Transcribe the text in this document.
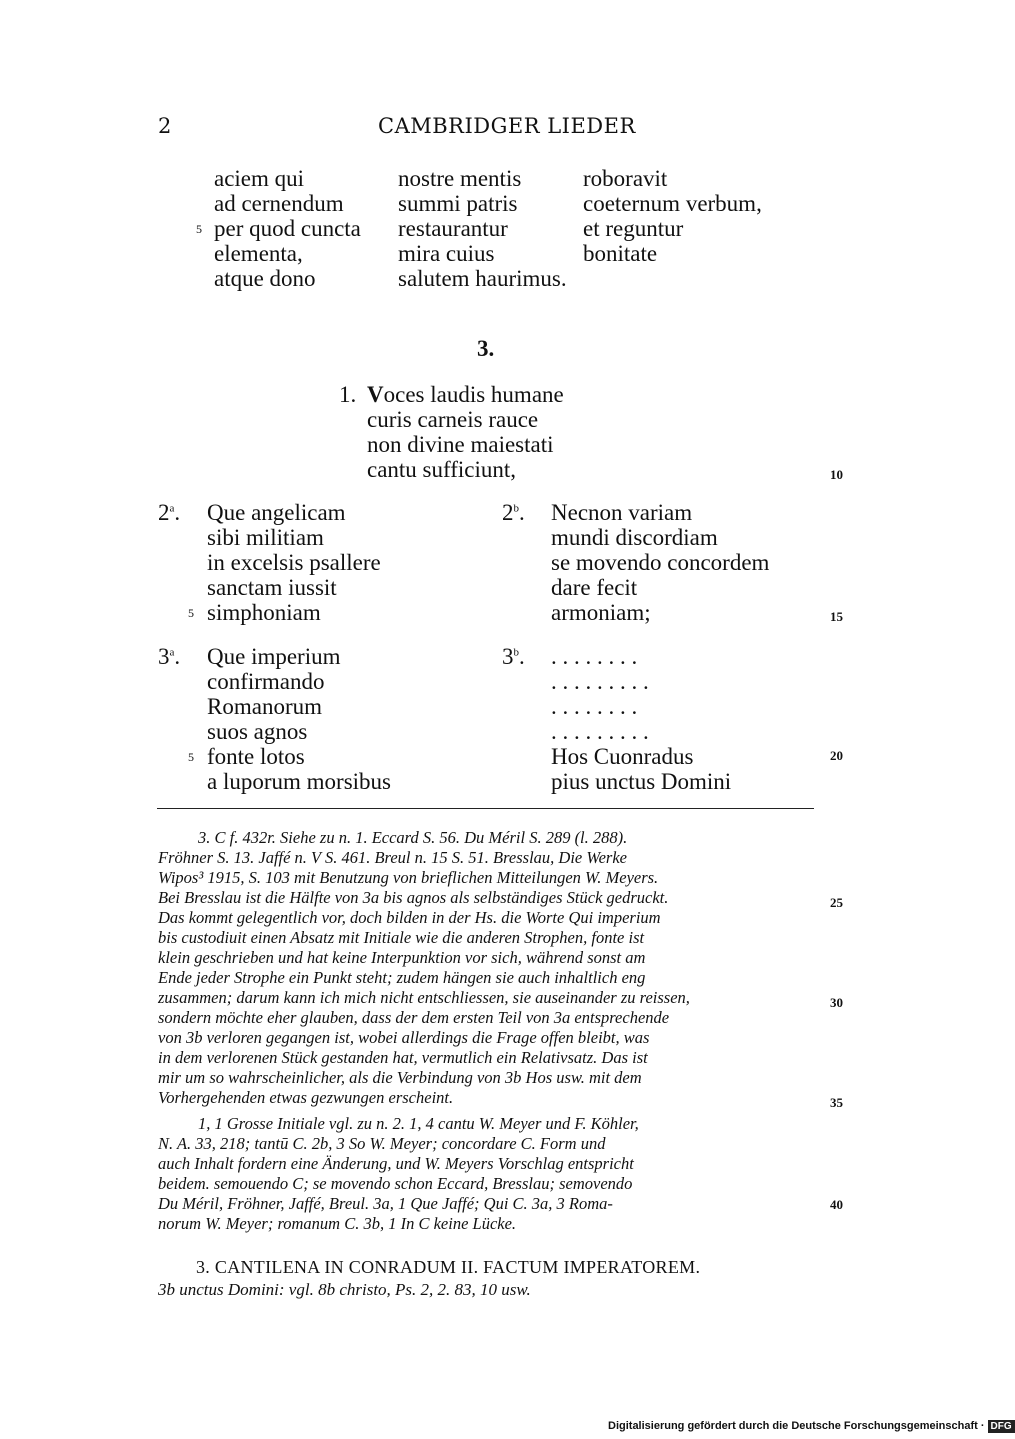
2	CAMBRIDGER LIEDER
aciem qui
ad cernendum
per quod cuncta
elementa,
atque dono
nostre mentis
summi patris
restaurantur
mira cuius
salutem haurimus.
roboravit
coeternum verbum,
et reguntur
bonitate
5
3.
1. Voces laudis humane
curis carneis rauce
non divine maiestati
cantu sufficiunt,
2$^a$. Que angelicam
sibi militiam
in excelsis psallere
sanctam iussit
simphoniam
5
2$^b$. Necnon variam
mundi discordiam
se movendo concordem
dare fecit
armoniam;
3$^a$. Que imperium
confirmando
Romanorum
suos agnos
fonte lotos
a luporum morsibus
5
3$^b$. . . . . . . . .
. . . . . . . . .
. . . . . . . .
. . . . . . . . .
Hos Cuonradus
pius unctus Domini
10
15
20
25
30
35
40
3. C f. 432r. Siehe zu n. 1. Eccard S. 56. Du Méril S. 289 (l. 288).
Fröhner S. 13. Jaffé n. V S. 461. Breul n. 15 S. 51. Bresslau, Die Werke
Wipos³ 1915, S. 103 mit Benutzung von brieflichen Mitteilungen W. Meyers.
Bei Bresslau ist die Hälfte von 3a bis agnos als selbständiges Stück gedruckt.
Das kommt gelegentlich vor, doch bilden in der Hs. die Worte Qui imperium
bis custodiuit einen Absatz mit Initiale wie die anderen Strophen, fonte ist
klein geschrieben und hat keine Interpunktion vor sich, während sonst am
Ende jeder Strophe ein Punkt steht; zudem hängen sie auch inhaltlich eng
zusammen; darum kann ich mich nicht entschliessen, sie auseinander zu reissen,
sondern möchte eher glauben, dass der dem ersten Teil von 3a entsprechende
von 3b verloren gegangen ist, wobei allerdings die Frage offen bleibt, was
in dem verlorenen Stück gestanden hat, vermutlich ein Relativsatz. Das ist
mir um so wahrscheinlicher, als die Verbindung von 3b Hos usw. mit dem
Vorhergehenden etwas gezwungen erscheint.
1, 1 Grosse Initiale vgl. zu n. 2. 1, 4 cantu W. Meyer und F. Köhler,
N. A. 33, 218; tantū C. 2b, 3 So W. Meyer; concordare C. Form und
auch Inhalt fordern eine Änderung, und W. Meyers Vorschlag entspricht
beidem. semouendo C; se movendo schon Eccard, Bresslau; semovendo
Du Méril, Fröhner, Jaffé, Breul. 3a, 1 Que Jaffé; Qui C. 3a, 3 Roma-
norum W. Meyer; romanum C. 3b, 1 In C keine Lücke.
3. CANTILENA IN CONRADUM II. FACTUM IMPERATOREM.
3b unctus Domini: vgl. 8b christo, Ps. 2, 2. 83, 10 usw.
Digitalisierung gefördert durch die Deutsche Forschungsgemeinschaft · DFG
